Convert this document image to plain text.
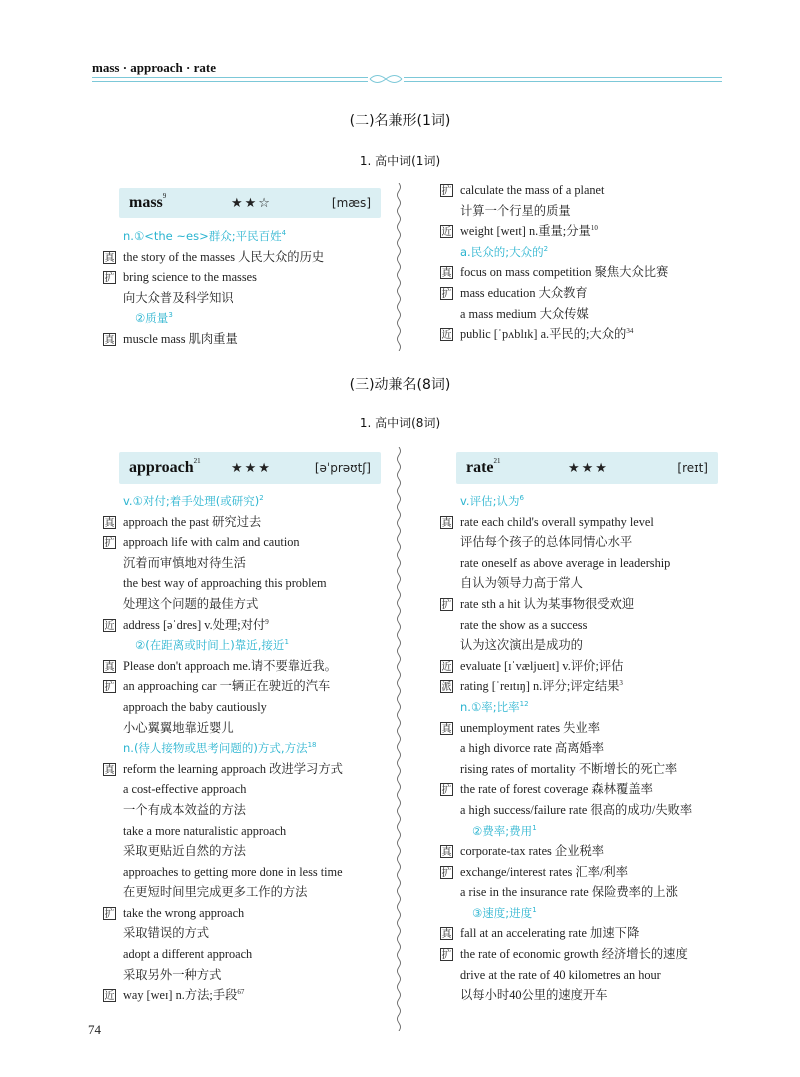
mass · approach · rate
(二)名兼形(1词)
1. 高中词(1词)
mass$^9$	★★☆	[mæs]
n.①<the ~es>群众;平民百姓$^4$
真 the story of the masses 人民大众的历史
扩 bring science to the masses
向大众普及科学知识
②质量$^3$
真 muscle mass 肌肉重量
扩 calculate the mass of a planet
计算一个行星的质量
近 weight [weɪt] n.重量;分量$^{10}$
a.民众的;大众的$^2$
真 focus on mass competition 聚焦大众比赛
扩 mass education 大众教育
a mass medium 大众传媒
近 public [ˈpʌblɪk] a.平民的;大众的$^{34}$
(三)动兼名(8词)
1. 高中词(8词)
approach$^{21}$ ★★★	[əˈprəʊtʃ]
v.①对付;着手处理(或研究)$^2$
真 approach the past 研究过去
扩 approach life with calm and caution
沉着而审慎地对待生活
the best way of approaching this problem
处理这个问题的最佳方式
近 address [əˈdres] v.处理;对付$^9$
②(在距离或时间上)靠近,接近$^1$
真 Please don't approach me.请不要靠近我。
扩 an approaching car 一辆正在驶近的汽车
approach the baby cautiously
小心翼翼地靠近婴儿
n.(待人接物或思考问题的)方式,方法$^{18}$
真 reform the learning approach 改进学习方式
a cost-effective approach
一个有成本效益的方法
take a more naturalistic approach
采取更贴近自然的方法
approaches to getting more done in less time
在更短时间里完成更多工作的方法
扩 take the wrong approach
采取错误的方式
adopt a different approach
采取另外一种方式
近 way [weɪ] n.方法;手段$^{67}$
rate$^{21}$	★★★	[reɪt]
v.评估;认为$^6$
真 rate each child's overall sympathy level
评估每个孩子的总体同情心水平
rate oneself as above average in leadership
自认为领导力高于常人
扩 rate sth a hit 认为某事物很受欢迎
rate the show as a success
认为这次演出是成功的
近 evaluate [ɪˈvæljueɪt] v.评价;评估
派 rating [ˈreɪtɪŋ] n.评分;评定结果$^3$
n.①率;比率$^{12}$
真 unemployment rates 失业率
a high divorce rate 高离婚率
rising rates of mortality 不断增长的死亡率
扩 the rate of forest coverage 森林覆盖率
a high success/failure rate 很高的成功/失败率
②费率;费用$^1$
真 corporate-tax rates 企业税率
扩 exchange/interest rates 汇率/利率
a rise in the insurance rate 保险费率的上涨
③速度;进度$^1$
真 fall at an accelerating rate 加速下降
扩 the rate of economic growth 经济增长的速度
drive at the rate of 40 kilometres an hour
以每小时40公里的速度开车
74
